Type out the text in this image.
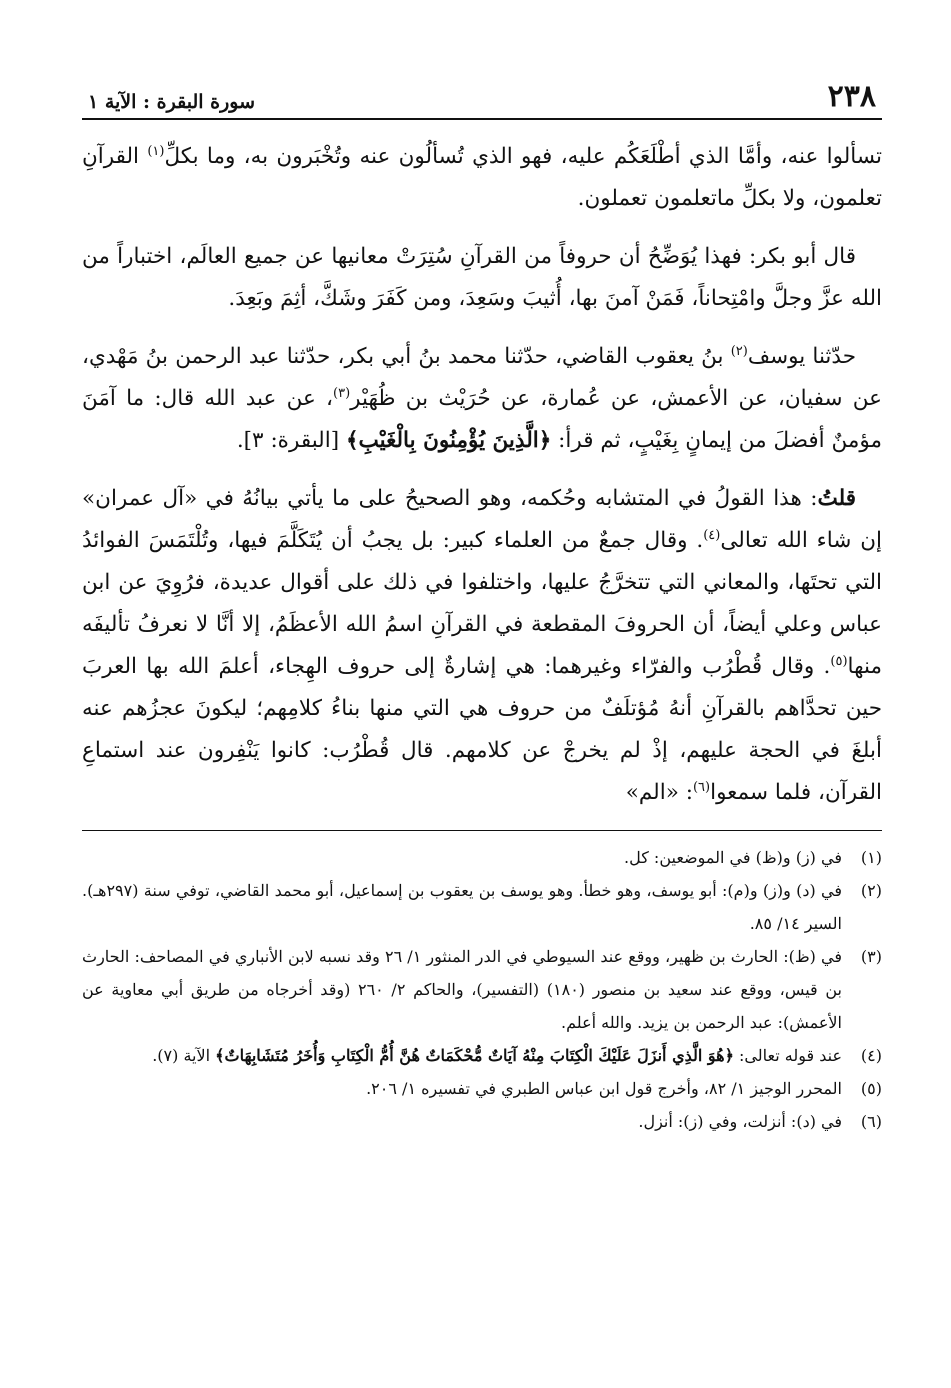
٢٣٨
سورة البقرة : الآية ١

تسألوا عنه، وأمَّا الذي أطْلَعَكُم عليه، فهو الذي تُسألُون عنه وتُخْبَرون به، وما بكلِّ$^{(١)}$ القرآنِ تعلمون، ولا بكلِّ ماتعلمون تعملون.

قال أبو بكر: فهذا يُوَضِّحُ أن حروفاً من القرآنِ سُتِرَتْ معانيها عن جميع العالَم، اختباراً من الله عزَّ وجلَّ وامْتِحاناً، فَمَنْ آمنَ بها، أُثيبَ وسَعِدَ، ومن كَفَرَ وشَكَّ، أثِمَ وبَعِدَ.

حدّثنا يوسف$^{(٢)}$ بنُ يعقوب القاضي، حدّثنا محمد بنُ أبي بكر، حدّثنا عبد الرحمن بنُ مَهْدي، عن سفيان، عن الأعمش، عن عُمارة، عن حُرَيْث بن ظُهَيْر$^{(٣)}$، عن عبد الله قال: ما آمَنَ مؤمنٌ أفضلَ من إيمانٍ بِغَيْبٍ، ثم قرأ: ﴿الَّذِينَ يُؤْمِنُونَ بِالْغَيْبِ﴾ [البقرة: ٣].

قلتُ: هذا القولُ في المتشابه وحُكمه، وهو الصحيحُ على ما يأتي بيانُهُ في «آل عمران» إن شاء الله تعالى$^{(٤)}$. وقال جمعٌ من العلماء كبير: بل يجبُ أن يُتَكَلَّمَ فيها، وتُلْتَمَسَ الفوائدُ التي تحتَها، والمعاني التي تتخرَّجُ عليها، واختلفوا في ذلك على أقوال عديدة، فرُوِيَ عن ابن عباس وعلي أيضاً، أن الحروفَ المقطعة في القرآنِ اسمُ الله الأعظَمُ، إلا أنَّا لا نعرفُ تأليفَه منها$^{(٥)}$. وقال قُطْرُب والفرّاء وغيرهما: هي إشارةٌ إلى حروف الهِجاء، أعلمَ الله بها العربَ حين تحدَّاهم بالقرآنِ أنهُ مُؤتلَفٌ من حروف هي التي منها بناءُ كلامِهم؛ ليكونَ عجزُهم عنه أبلغَ في الحجة عليهم، إذْ لم يخرجْ عن كلامهم. قال قُطْرُب: كانوا يَنْفِرون عند استماعِ القرآن، فلما سمعوا$^{(٦)}$: «الم»

(١)
في (ز) و(ظ) في الموضعين: كل.
(٢)
في (د) و(ز) و(م): أبو يوسف، وهو خطأ. وهو يوسف بن يعقوب بن إسماعيل، أبو محمد القاضي، توفي سنة (٢٩٧هـ). السير ١٤/ ٨٥.
(٣)
في (ظ): الحارث بن ظهير، ووقع عند السيوطي في الدر المنثور ١/ ٢٦ وقد نسبه لابن الأنباري في المصاحف: الحارث بن قيس، ووقع عند سعيد بن منصور (١٨٠) (التفسير)، والحاكم ٢/ ٢٦٠ (وقد أخرجاه من طريق أبي معاوية عن الأعمش): عبد الرحمن بن يزيد. والله أعلم.
(٤)
عند قوله تعالى: ﴿هُوَ الَّذِي أَنزَلَ عَلَيْكَ الْكِتَابَ مِنْهُ آيَاتٌ مُّحْكَمَاتٌ هُنَّ أُمُّ الْكِتَابِ وَأُخَرُ مُتَشَابِهَاتٌ﴾ الآية (٧).
(٥)
المحرر الوجيز ١/ ٨٢، وأخرج قول ابن عباس الطبري في تفسيره ١/ ٢٠٦.
(٦)
في (د): أنزلت، وفي (ز): أنزل.
